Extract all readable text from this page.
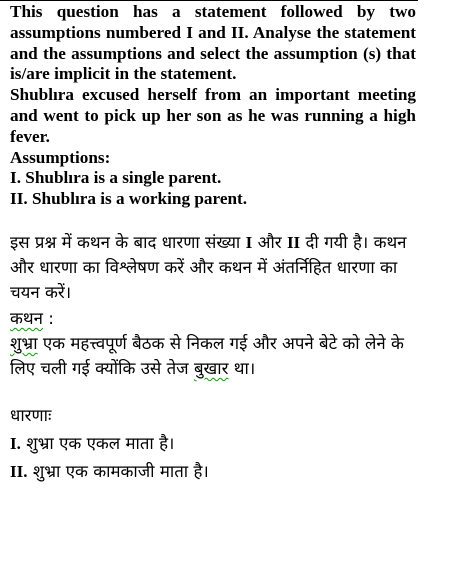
This question has a statement followed by two assumptions numbered I and II. Analyse the statement and the assumptions and select the assumption (s) that is/are implicit in the statement.

Shublıra excused herself from an important meeting and went to pick up her son as he was running a high fever.

Assumptions:

I. Shublıra is a single parent.

II. Shublıra is a working parent.

इस प्रश्न में कथन के बाद धारणा संख्या I और II दी गयी है। कथन और धारणा का विश्लेषण करें और कथन में अंतर्निहित धारणा का चयन करें।

कथन :

शुभ्रा एक महत्त्वपूर्ण बैठक से निकल गई और अपने बेटे को लेने के लिए चली गई क्योंकि उसे तेज बुखार था।

धारणाः

I. शुभ्रा एक एकल माता है।

II. शुभ्रा एक कामकाजी माता है।
